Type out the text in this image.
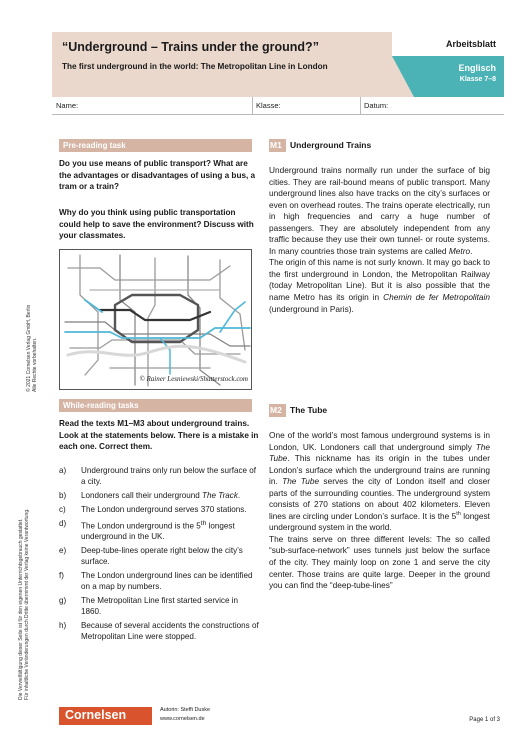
“Underground – Trains under the ground?”
The first underground in the world: The Metropolitan Line in London
Arbeitsblatt
Englisch
Klasse 7–8
Name:	Klasse:	Datum:
Pre-reading task
Do you use means of public transport? What are the advantages or disadvantages of using a bus, a tram or a train?
Why do you think using public transportation could help to save the environment? Discuss with your classmates.
© Rainer Lesniewski/Shutterstock.com
While-reading tasks
Read the texts M1–M3 about underground trains. Look at the statements below. There is a mistake in each one. Correct them.
a) Underground trains only run below the surface of a city.
b) Londoners call their underground The Track.
c) The London underground serves 370 stations.
d) The London underground is the 5th longest underground in the UK.
e) Deep-tube-lines operate right below the city’s surface.
f) The London underground lines can be identified on a map by numbers.
g) The Metropolitan Line first started service in 1860.
h) Because of several accidents the constructions of Metropolitan Line were stopped.
M1 Underground Trains

Underground trains normally run under the surface of big cities. They are rail-bound means of public transport. Many underground lines also have tracks on the city’s surfaces or even on overhead routes. The trains operate electrically, run in high frequencies and carry a huge number of passengers. They are absolutely independent from any traffic because they use their own tunnel- or route systems. In many countries those train systems are called Metro.

The origin of this name is not surly known. It may go back to the first underground in London, the Metropolitan Railway (today Metropolitan Line). But it is also possible that the name Metro has its origin in Chemin de fer Metropolitain (underground in Paris).

M2 The Tube

One of the world’s most famous underground systems is in London, UK. Londoners call that underground simply The Tube. This nickname has its origin in the tubes under London’s surface which the underground trains are running in. The Tube serves the city of London itself and closer parts of the surrounding counties. The underground system consists of 270 stations on about 402 kilometers. Eleven lines are circling under London’s surface. It is the 5th longest underground system in the world.

The trains serve on three different levels: The so called “sub-surface-network” uses tunnels just below the surface of the city. They mainly loop on zone 1 and serve the city center. Those trains are quite large. Deeper in the ground you can find the “deep-tube-lines”

© 2021 Cornelsen Verlag GmbH, Berlin Alle Rechte vorbehalten.
Die Vervielfältigung dieser Seite ist für den eigenen Unterrichtsgebrauch gestattet. Für inhaltliche Veränderungen durch Dritte übernimmt der Verlag keine Verantwortung.
Cornelsen	Autorin: Steffi Duske
www.cornelsen.de	Page 1 of 3
